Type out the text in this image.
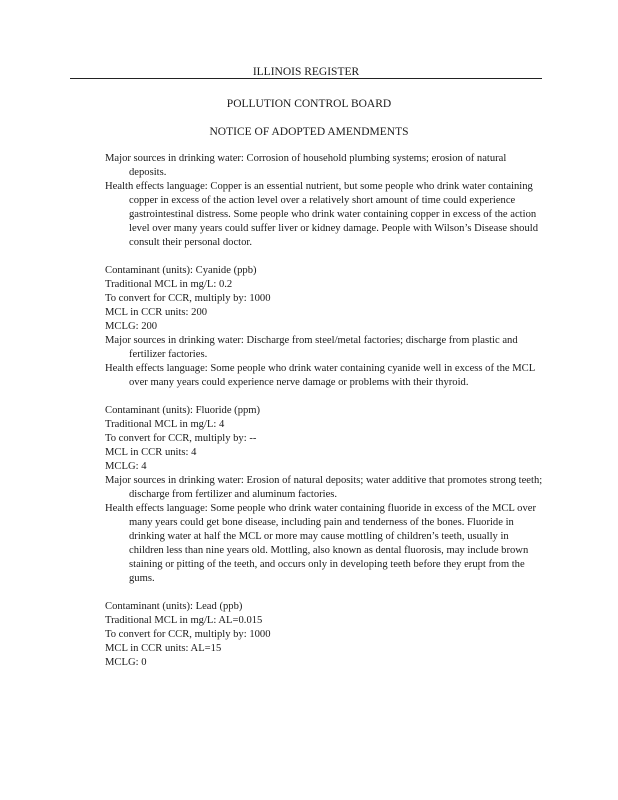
ILLINOIS REGISTER
POLLUTION CONTROL BOARD
NOTICE OF ADOPTED AMENDMENTS

Major sources in drinking water: Corrosion of household plumbing systems; erosion of natural deposits.

Health effects language: Copper is an essential nutrient, but some people who drink water containing copper in excess of the action level over a relatively short amount of time could experience gastrointestinal distress. Some people who drink water containing copper in excess of the action level over many years could suffer liver or kidney damage. People with Wilson’s Disease should consult their personal doctor.

Contaminant (units): Cyanide (ppb)

Traditional MCL in mg/L: 0.2

To convert for CCR, multiply by: 1000

MCL in CCR units: 200

MCLG: 200

Major sources in drinking water: Discharge from steel/metal factories; discharge from plastic and fertilizer factories.

Health effects language: Some people who drink water containing cyanide well in excess of the MCL over many years could experience nerve damage or problems with their thyroid.

Contaminant (units): Fluoride (ppm)

Traditional MCL in mg/L: 4

To convert for CCR, multiply by: --

MCL in CCR units: 4

MCLG: 4

Major sources in drinking water: Erosion of natural deposits; water additive that promotes strong teeth; discharge from fertilizer and aluminum factories.

Health effects language: Some people who drink water containing fluoride in excess of the MCL over many years could get bone disease, including pain and tenderness of the bones. Fluoride in drinking water at half the MCL or more may cause mottling of children’s teeth, usually in children less than nine years old. Mottling, also known as dental fluorosis, may include brown staining or pitting of the teeth, and occurs only in developing teeth before they erupt from the gums.

Contaminant (units): Lead (ppb)

Traditional MCL in mg/L: AL=0.015

To convert for CCR, multiply by: 1000

MCL in CCR units: AL=15

MCLG: 0
